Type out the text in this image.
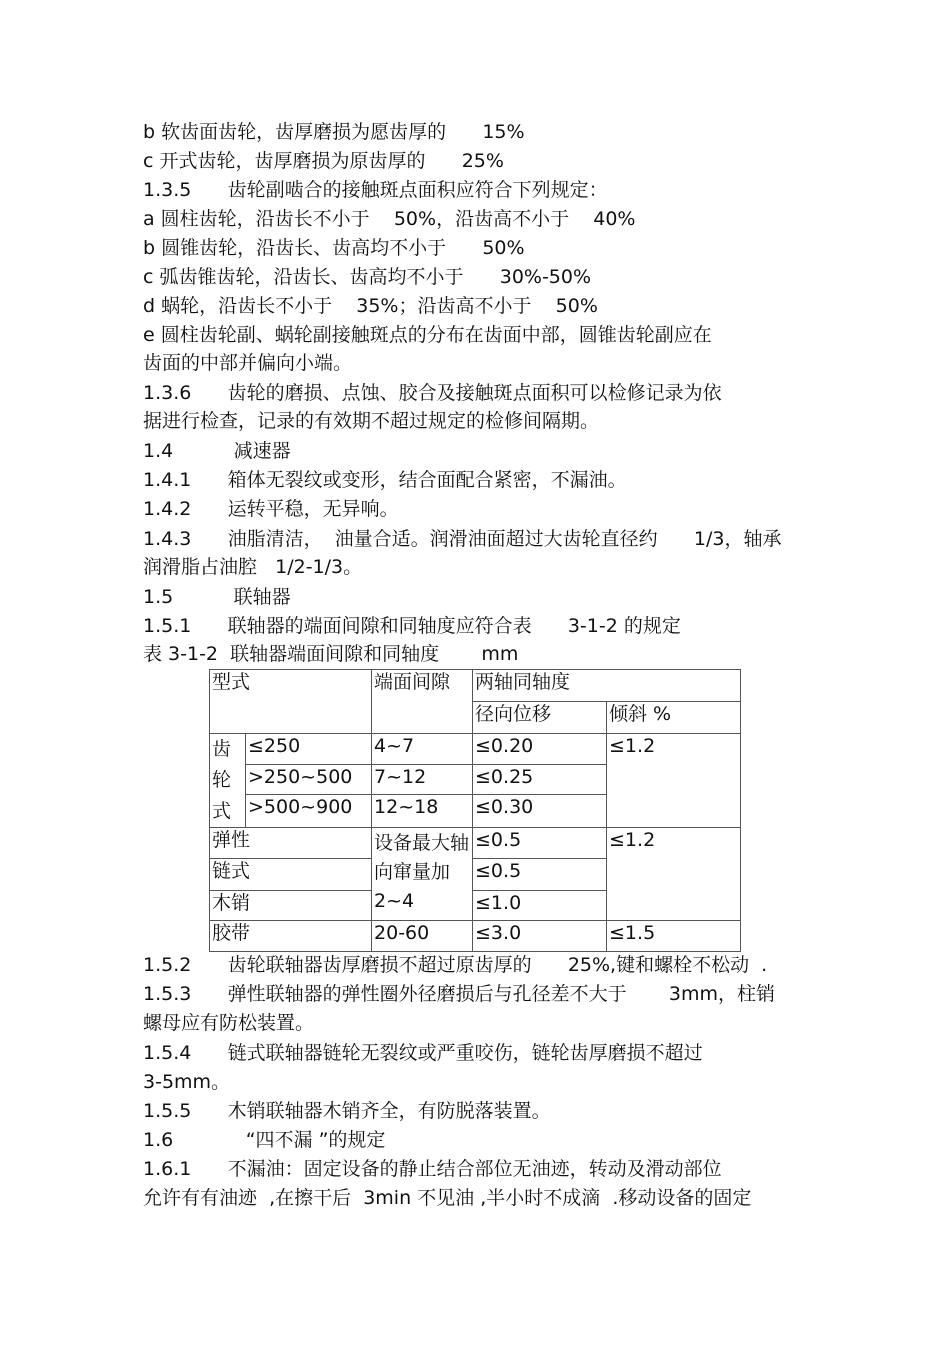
b 软齿面齿轮，齿厚磨损为愿齿厚的      15%

c 开式齿轮，齿厚磨损为原齿厚的      25%

1.3.5      齿轮副啮合的接触斑点面积应符合下列规定：

a 圆柱齿轮，沿齿长不小于    50%，沿齿高不小于    40%

b 圆锥齿轮，沿齿长、齿高均不小于      50%

c 弧齿锥齿轮，沿齿长、齿高均不小于      30%-50%

d 蜗轮，沿齿长不小于    35%；沿齿高不小于    50%

e 圆柱齿轮副、蜗轮副接触斑点的分布在齿面中部，圆锥齿轮副应在

齿面的中部并偏向小端。

1.3.6      齿轮的磨损、点蚀、胶合及接触斑点面积可以检修记录为依

据进行检查，记录的有效期不超过规定的检修间隔期。

1.4          减速器

1.4.1      箱体无裂纹或变形，结合面配合紧密，不漏油。

1.4.2      运转平稳，无异响。

1.4.3      油脂清洁，  油量合适。润滑油面超过大齿轮直径约      1/3，轴承

润滑脂占油腔   1/2-1/3。

1.5          联轴器

1.5.1      联轴器的端面间隙和同轴度应符合表      3-1-2 的规定

表 3-1-2  联轴器端面间隙和同轴度       mm

型式		端面间隙	两轴同轴度	
			径向位移	倾斜 %
齿轮式	≤250	4~7	≤0.20	≤1.2
	>250~500	7~12	≤0.25	
	>500~900	12~18	≤0.30	
弹性		设备最大轴向窜量加 2~4	≤0.5	≤1.2
链式			≤0.5	
木销			≤1.0	
胶带		20-60	≤3.0	≤1.5

1.5.2      齿轮联轴器齿厚磨损不超过原齿厚的      25%,键和螺栓不松动  .

1.5.3      弹性联轴器的弹性圈外径磨损后与孔径差不大于       3mm，柱销

螺母应有防松装置。

1.5.4      链式联轴器链轮无裂纹或严重咬伤，链轮齿厚磨损不超过

3-5mm。

1.5.5      木销联轴器木销齐全，有防脱落装置。

1.6            “四不漏 ”的规定

1.6.1      不漏油：固定设备的静止结合部位无油迹，转动及滑动部位

允许有有油迹  ,在擦干后  3min 不见油 ,半小时不成滴  .移动设备的固定
